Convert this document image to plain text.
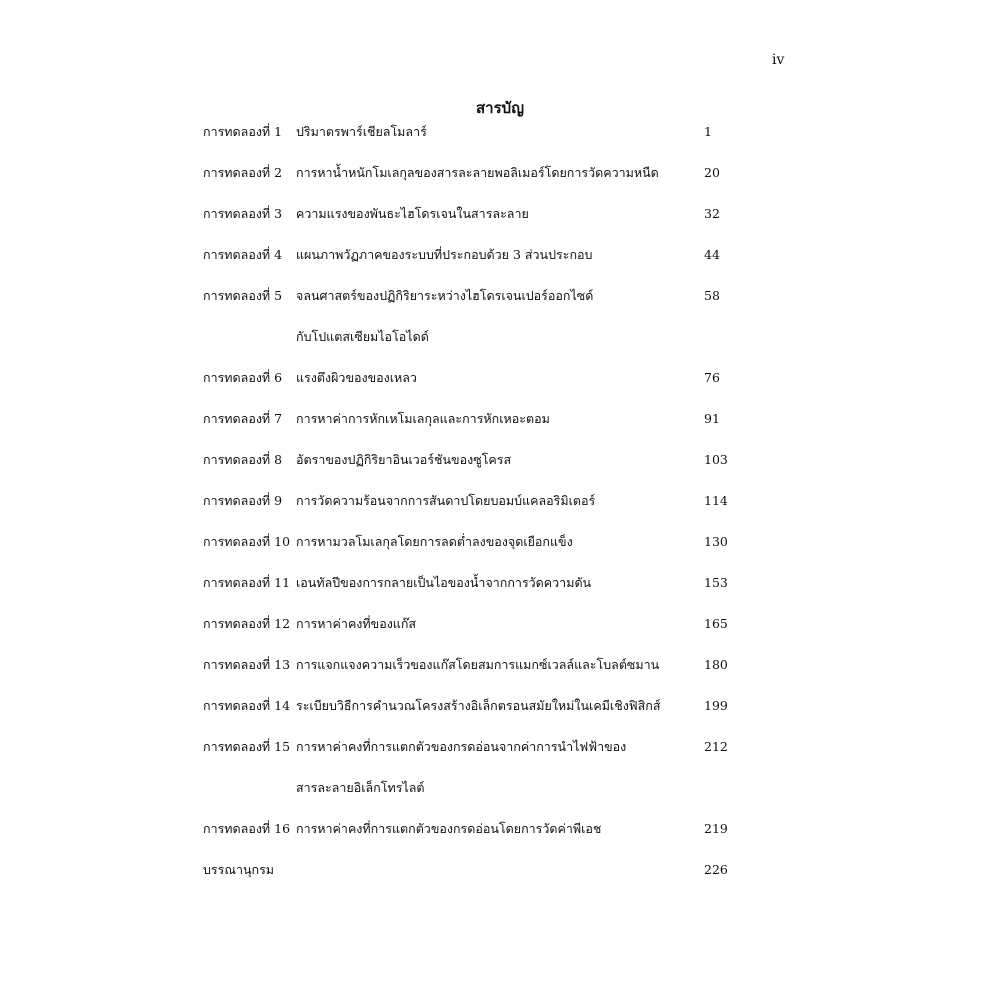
iv
สารบัญ
การทดลองที่ 1 ปริมาตรพาร์เชียลโมลาร์	1
การทดลองที่ 2 การหาน้ำหนักโมเลกุลของสารละลายพอลิเมอร์โดยการวัดความหนืด	20
การทดลองที่ 3 ความแรงของพันธะไฮโดรเจนในสารละลาย	32
การทดลองที่ 4 แผนภาพวัฏภาคของระบบที่ประกอบด้วย 3 ส่วนประกอบ	44
การทดลองที่ 5 จลนศาสตร์ของปฏิกิริยาระหว่างไฮโดรเจนเปอร์ออกไซด์	58
กับโปแตสเซียมไอโอไดด์
การทดลองที่ 6 แรงตึงผิวของของเหลว	76
การทดลองที่ 7 การหาค่าการหักเหโมเลกุลและการหักเหอะตอม	91
การทดลองที่ 8 อัตราของปฏิกิริยาอินเวอร์ชันของซูโครส	103
การทดลองที่ 9 การวัดความร้อนจากการสันดาปโดยบอมบ์แคลอริมิเตอร์	114
การทดลองที่ 10 การหามวลโมเลกุลโดยการลดต่ำลงของจุดเยือกแข็ง	130
การทดลองที่ 11 เอนทัลปีของการกลายเป็นไอของน้ำจากการวัดความดัน	153
การทดลองที่ 12 การหาค่าคงที่ของแก๊ส	165
การทดลองที่ 13 การแจกแจงความเร็วของแก๊สโดยสมการแมกซ์เวลล์และโบลต์ซมาน	180
การทดลองที่ 14 ระเบียบวิธีการคำนวณโครงสร้างอิเล็กตรอนสมัยใหม่ในเคมีเชิงฟิสิกส์	199
การทดลองที่ 15 การหาค่าคงที่การแตกตัวของกรดอ่อนจากค่าการนำไฟฟ้าของ	212
สารละลายอิเล็กโทรไลต์
การทดลองที่ 16 การหาค่าคงที่การแตกตัวของกรดอ่อนโดยการวัดค่าพีเอช	219
บรรณานุกรม	226
